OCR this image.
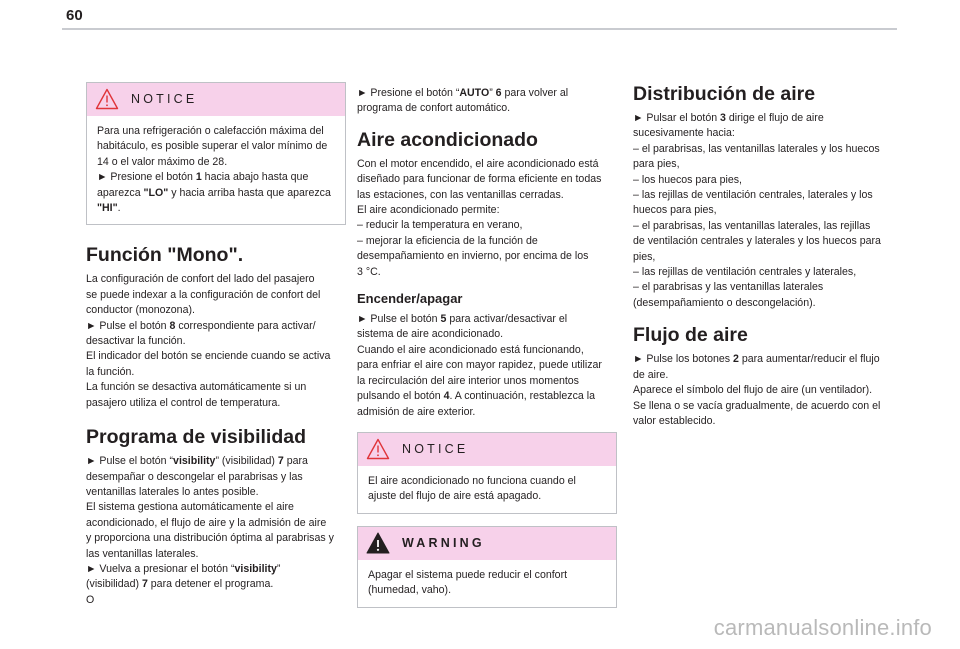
60
NOTICE

Para una refrigeración o calefacción máxima del

habitáculo, es posible superar el valor mínimo de

14 o el valor máximo de 28.

► Presione el botón 1 hacia abajo hasta que

aparezca "LO" y hacia arriba hasta que aparezca

"HI".

Función "Mono".

La configuración de confort del lado del pasajero

se puede indexar a la configuración de confort del

conductor (monozona).

► Pulse el botón 8 correspondiente para activar/

desactivar la función.

El indicador del botón se enciende cuando se activa

la función.

La función se desactiva automáticamente si un

pasajero utiliza el control de temperatura.

Programa de visibilidad

► Pulse el botón “visibility” (visibilidad) 7 para

desempañar o descongelar el parabrisas y las

ventanillas laterales lo antes posible.

El sistema gestiona automáticamente el aire

acondicionado, el flujo de aire y la admisión de aire

y proporciona una distribución óptima al parabrisas y

las ventanillas laterales.

► Vuelva a presionar el botón “visibility”

(visibilidad) 7 para detener el programa.

O

► Presione el botón “AUTO” 6 para volver al

programa de confort automático.

Aire acondicionado

Con el motor encendido, el aire acondicionado está

diseñado para funcionar de forma eficiente en todas

las estaciones, con las ventanillas cerradas.

El aire acondicionado permite:

– reducir la temperatura en verano,

– mejorar la eficiencia de la función de

desempañamiento en invierno, por encima de los

3 °C.

Encender/apagar

► Pulse el botón 5 para activar/desactivar el

sistema de aire acondicionado.

Cuando el aire acondicionado está funcionando,

para enfriar el aire con mayor rapidez, puede utilizar

la recirculación del aire interior unos momentos

pulsando el botón 4. A continuación, restablezca la

admisión de aire exterior.

NOTICE

El aire acondicionado no funciona cuando el

ajuste del flujo de aire está apagado.

WARNING

Apagar el sistema puede reducir el confort

(humedad, vaho).

Distribución de aire

► Pulsar el botón 3 dirige el flujo de aire

sucesivamente hacia:

– el parabrisas, las ventanillas laterales y los huecos

para pies,

– los huecos para pies,

– las rejillas de ventilación centrales, laterales y los

huecos para pies,

– el parabrisas, las ventanillas laterales, las rejillas

de ventilación centrales y laterales y los huecos para

pies,

– las rejillas de ventilación centrales y laterales,

– el parabrisas y las ventanillas laterales

(desempañamiento o descongelación).

Flujo de aire

► Pulse los botones 2 para aumentar/reducir el flujo

de aire.

Aparece el símbolo del flujo de aire (un ventilador).

Se llena o se vacía gradualmente, de acuerdo con el

valor establecido.

carmanualsonline.info
